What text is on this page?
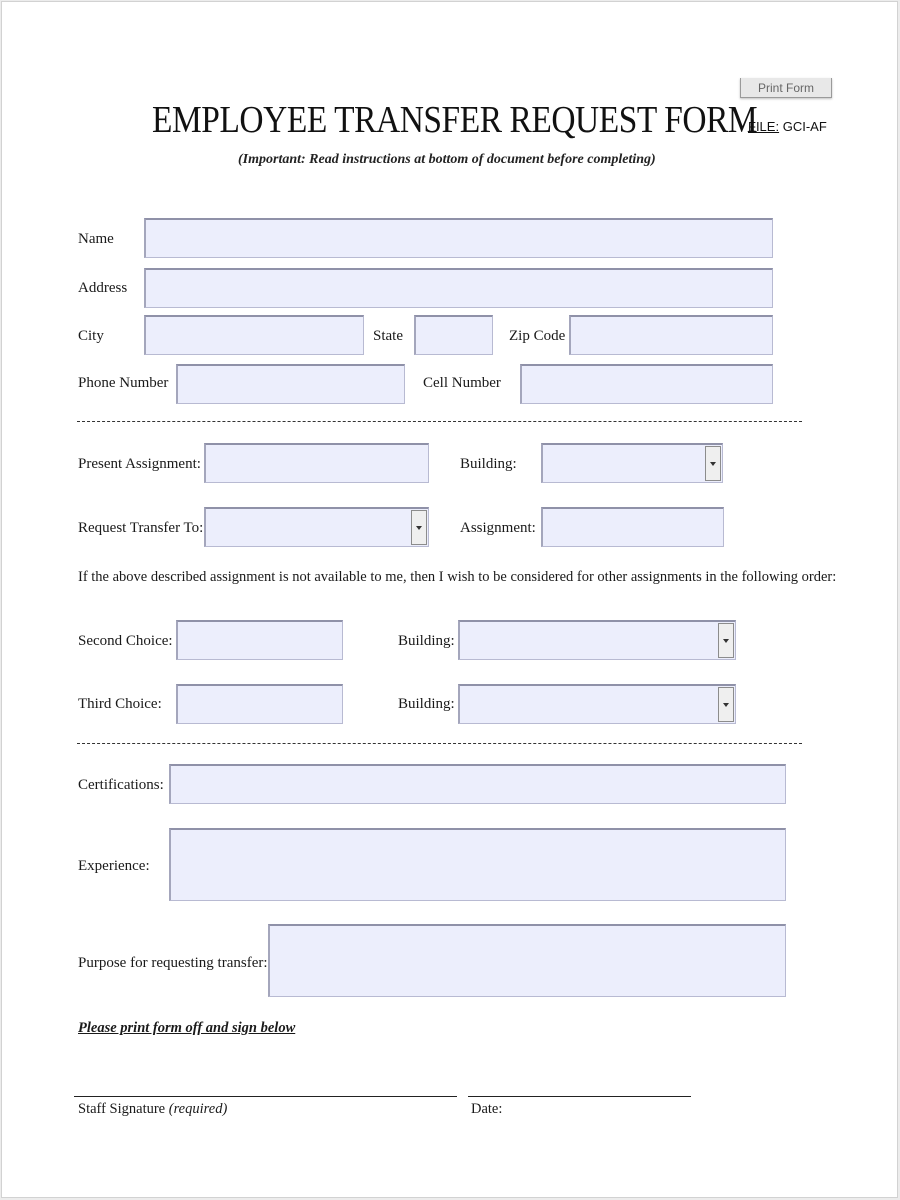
Print Form
EMPLOYEE TRANSFER REQUEST FORM
FILE: GCI-AF
(Important: Read instructions at bottom of document before completing)
Name
Address
City	State	Zip Code
Phone Number	Cell Number
Present Assignment:	Building:
Request Transfer To:	Assignment:
If the above described assignment is not available to me, then I wish to be considered for other assignments in the following order:
Second Choice:	Building:
Third Choice:	Building:
Certifications:
Experience:
Purpose for requesting transfer:
Please print form off and sign below
Staff Signature (required)	Date:
